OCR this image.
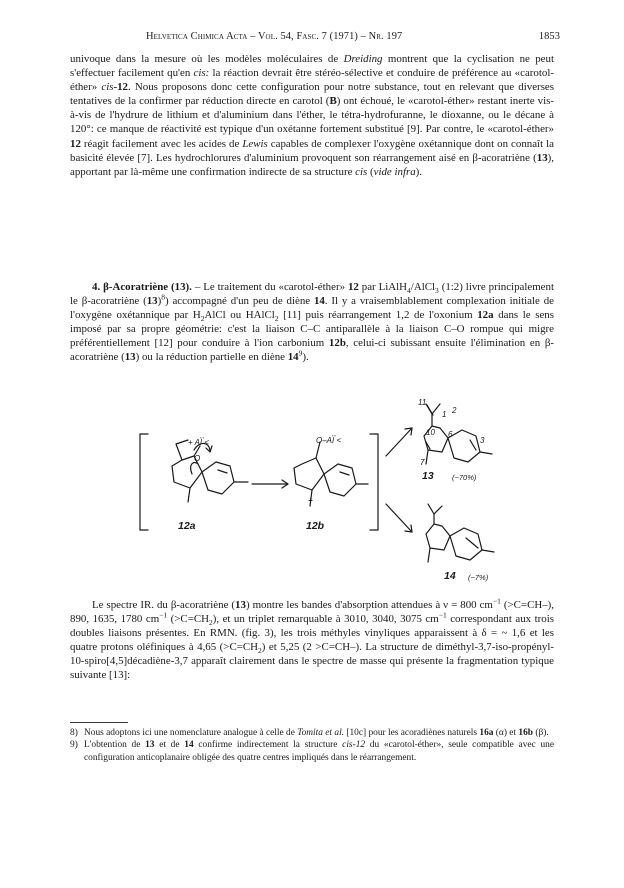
Helvetica Chimica Acta – Vol. 54, Fasc. 7 (1971) – Nr. 197	1853

univoque dans la mesure où les modèles moléculaires de Dreiding montrent que la cyclisation ne peut s'effectuer facilement qu'en cis: la réaction devrait être stéréo-sélective et conduire de préférence au «carotol-éther» cis-12. Nous proposons donc cette configuration pour notre substance, tout en relevant que diverses tentatives de la confirmer par réduction directe en carotol (B) ont échoué, le «carotol-éther» restant inerte vis-à-vis de l'hydrure de lithium et d'aluminium dans l'éther, le tétra-hydrofuranne, le dioxanne, ou le décane à 120°: ce manque de réactivité est typique d'un oxétanne fortement substitué [9]. Par contre, le «carotol-éther» 12 réagit facilement avec les acides de Lewis capables de complexer l'oxygène oxétannique dont on connaît la basicité élevée [7]. Les hydrochlorures d'aluminium provoquent son réarrangement aisé en β-acoratriène (13), apportant par là-même une confirmation indirecte de sa structure cis (vide infra).

4. β-Acoratriène (13). – Le traitement du «carotol-éther» 12 par LiAlH$_4$/AlCl$_3$ (1:2) livre principalement le β-acoratriène $(13)^8$) accompagné d'un peu de diène 14. Il y a vraisemblablement complexation initiale de l'oxygène oxétannique par $H_2AlCl$ ou HAlCl$_2$ [11] puis réarrangement 1,2 de l'oxonium 12a dans le sens imposé par sa propre géométrie: c'est la liaison C–C antiparallèle à la liaison C–O rompue qui migre préférentiellement [12] pour conduire à l'ion carbonium 12b, celui-ci subissant ensuite l'élimination en β-acoratriène (13) ou la réduction partielle en diène $14^9$).

12a	12b
13 (~70%)
14 (~7%)
+ Al⃛ <
O
O–Al⃛ <
+
11
1 2
10 6
3
7

Le spectre IR. du β-acoratriène (13) montre les bandes d'absorption attendues à ν = 800 $cm^{-1}$ (>C=CH–), 890, 1635, 1780 $cm^{-1}$ $(>C=CH_2)$, et un triplet remarquable à 3010, 3040, 3075 $cm^{-1}$ correspondant aux trois doubles liaisons présentes. En RMN. (fig. 3), les trois méthyles vinyliques apparaissent à δ = ~ 1,6 et les quatre protons oléfiniques à 4,65 $(>C=CH_2)$ et 5,25 (2 >C=CH–). La structure de diméthyl-3,7-iso-propényl-10-spiro[4,5]décadiène-3,7 apparaît clairement dans le spectre de masse qui présente la fragmentation typique suivante [13]:

8) Nous adoptons ici une nomenclature analogue à celle de Tomita et al. [10c] pour les acoradiènes naturels 16a (α) et 16b (β).

9) L'obtention de 13 et de 14 confirme indirectement la structure cis-12 du «carotol-éther», seule compatible avec une configuration anticoplanaire obligée des quatre centres impliqués dans le réarrangement.
